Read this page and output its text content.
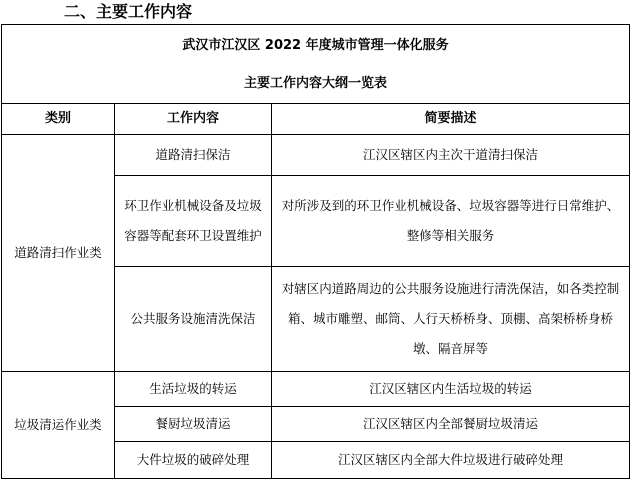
二、主要工作内容
武汉市江汉区 2022 年度城市管理一体化服务
主要工作内容大纲一览表		

类别	工作内容	简要描述
道路清扫作业类	道路清扫保洁	江汉区辖区内主次干道清扫保洁
	环卫作业机械设备及垃圾容器等配套环卫设置维护	对所涉及到的环卫作业机械设备、垃圾容器等进行日常维护、整修等相关服务
	公共服务设施清洗保洁	对辖区内道路周边的公共服务设施进行清洗保洁，如各类控制箱、城市雕塑、邮筒、人行天桥桥身、顶棚、高架桥桥身桥墩、隔音屏等
垃圾清运作业类	生活垃圾的转运	江汉区辖区内生活垃圾的转运
	餐厨垃圾清运	江汉区辖区内全部餐厨垃圾清运
	大件垃圾的破碎处理	江汉区辖区内全部大件垃圾进行破碎处理
